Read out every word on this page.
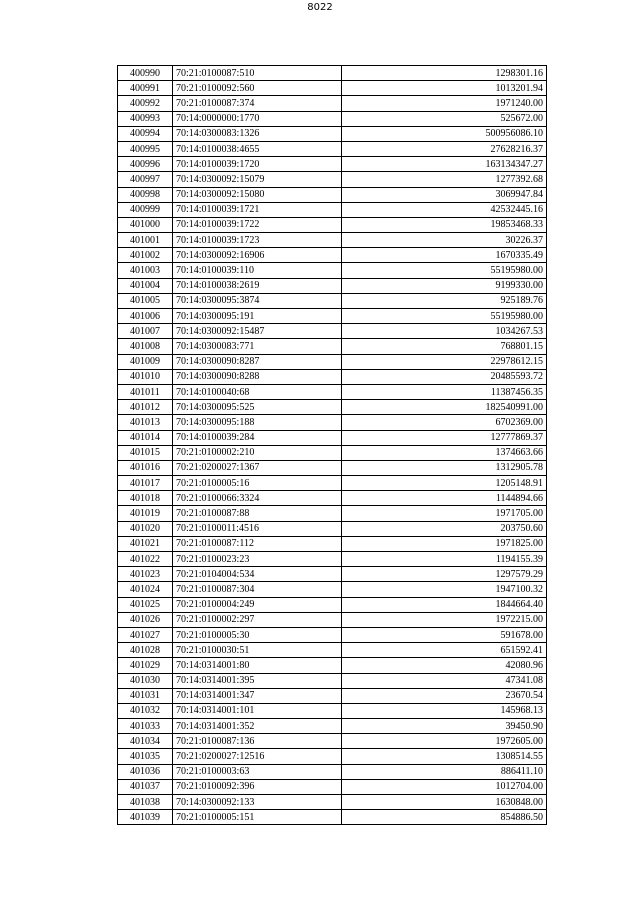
8022
400990	70:21:0100087:510	1298301.16
400991	70:21:0100092:560	1013201.94
400992	70:21:0100087:374	1971240.00
400993	70:14:0000000:1770	525672.00
400994	70:14:0300083:1326	500956086.10
400995	70:14:0100038:4655	27628216.37
400996	70:14:0100039:1720	163134347.27
400997	70:14:0300092:15079	1277392.68
400998	70:14:0300092:15080	3069947.84
400999	70:14:0100039:1721	42532445.16
401000	70:14:0100039:1722	19853468.33
401001	70:14:0100039:1723	30226.37
401002	70:14:0300092:16906	1670335.49
401003	70:14:0100039:110	55195980.00
401004	70:14:0100038:2619	9199330.00
401005	70:14:0300095:3874	925189.76
401006	70:14:0300095:191	55195980.00
401007	70:14:0300092:15487	1034267.53
401008	70:14:0300083:771	768801.15
401009	70:14:0300090:8287	22978612.15
401010	70:14:0300090:8288	20485593.72
401011	70:14:0100040:68	11387456.35
401012	70:14:0300095:525	182540991.00
401013	70:14:0300095:188	6702369.00
401014	70:14:0100039:284	12777869.37
401015	70:21:0100002:210	1374663.66
401016	70:21:0200027:1367	1312905.78
401017	70:21:0100005:16	1205148.91
401018	70:21:0100066:3324	1144894.66
401019	70:21:0100087:88	1971705.00
401020	70:21:0100011:4516	203750.60
401021	70:21:0100087:112	1971825.00
401022	70:21:0100023:23	1194155.39
401023	70:21:0104004:534	1297579.29
401024	70:21:0100087:304	1947100.32
401025	70:21:0100004:249	1844664.40
401026	70:21:0100002:297	1972215.00
401027	70:21:0100005:30	591678.00
401028	70:21:0100030:51	651592.41
401029	70:14:0314001:80	42080.96
401030	70:14:0314001:395	47341.08
401031	70:14:0314001:347	23670.54
401032	70:14:0314001:101	145968.13
401033	70:14:0314001:352	39450.90
401034	70:21:0100087:136	1972605.00
401035	70:21:0200027:12516	1308514.55
401036	70:21:0100003:63	886411.10
401037	70:21:0100092:396	1012704.00
401038	70:14:0300092:133	1630848.00
401039	70:21:0100005:151	854886.50
